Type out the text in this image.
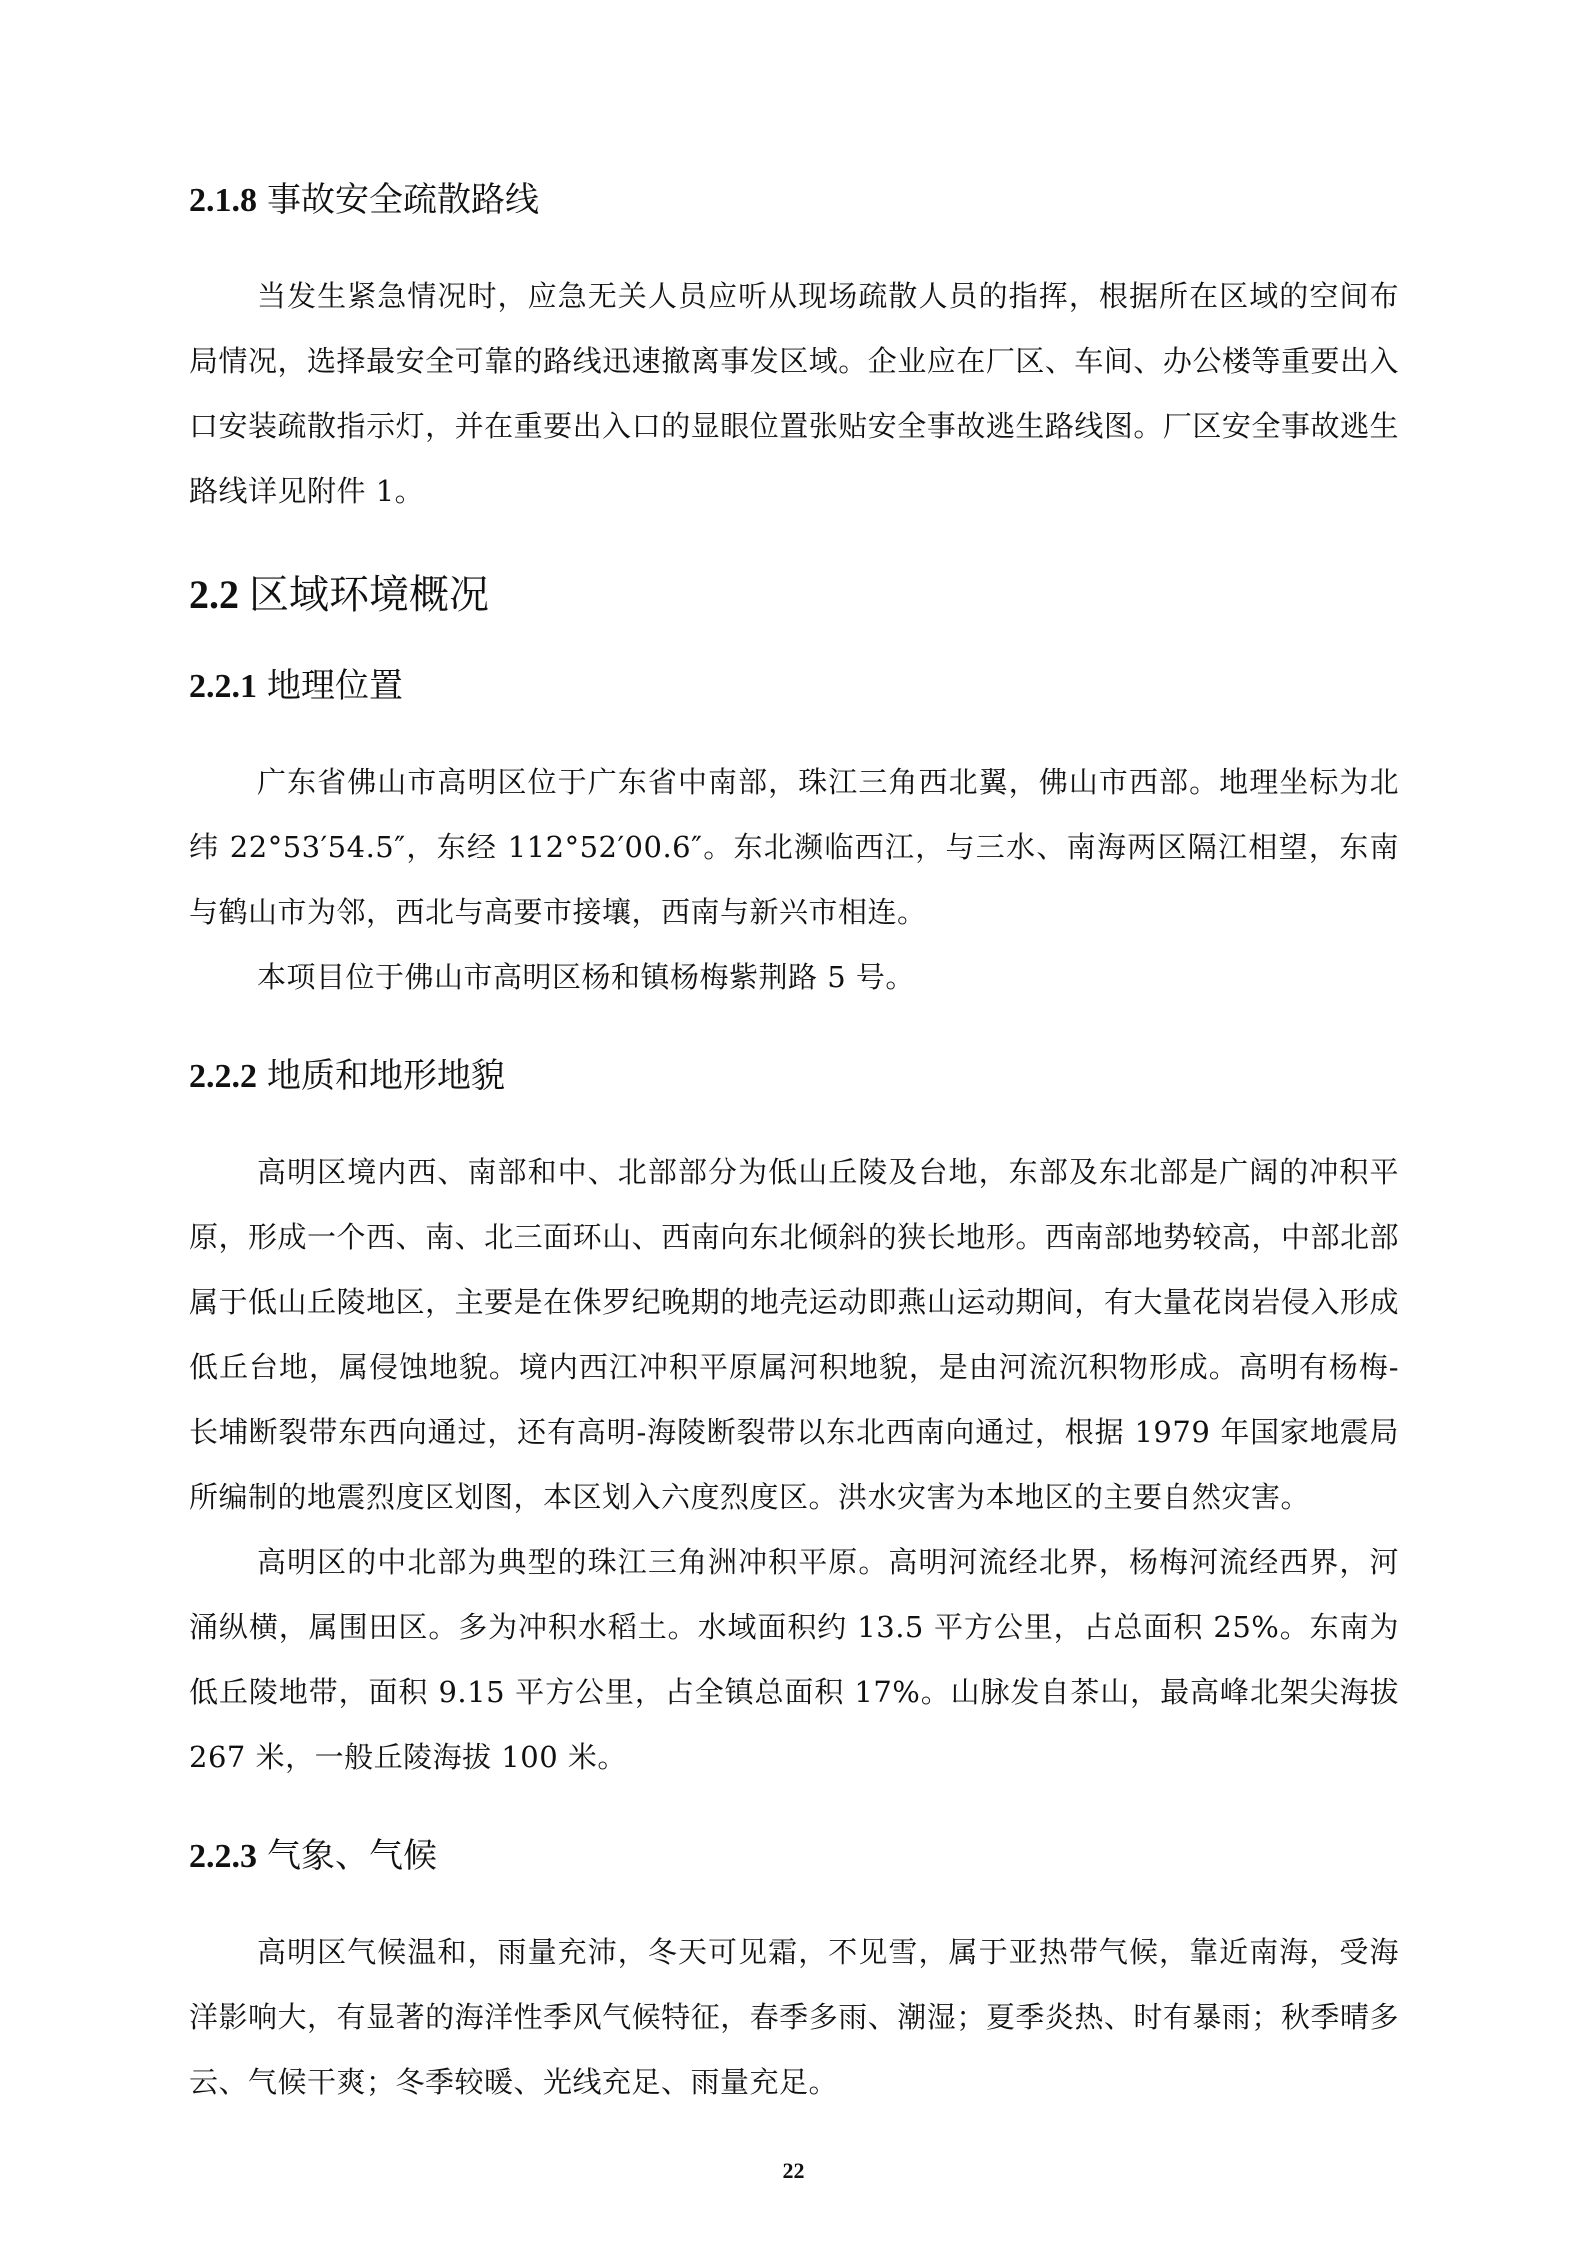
2.1.8 事故安全疏散路线

当发生紧急情况时，应急无关人员应听从现场疏散人员的指挥，根据所在区域的空间布局情况，选择最安全可靠的路线迅速撤离事发区域。企业应在厂区、车间、办公楼等重要出入口安装疏散指示灯，并在重要出入口的显眼位置张贴安全事故逃生路线图。厂区安全事故逃生路线详见附件 1。

2.2 区域环境概况
2.2.1 地理位置

广东省佛山市高明区位于广东省中南部，珠江三角西北翼，佛山市西部。地理坐标为北纬 22°53′54.5″，东经 112°52′00.6″。东北濒临西江，与三水、南海两区隔江相望，东南与鹤山市为邻，西北与高要市接壤，西南与新兴市相连。

本项目位于佛山市高明区杨和镇杨梅紫荆路 5 号。

2.2.2 地质和地形地貌

高明区境内西、南部和中、北部部分为低山丘陵及台地，东部及东北部是广阔的冲积平原，形成一个西、南、北三面环山、西南向东北倾斜的狭长地形。西南部地势较高，中部北部属于低山丘陵地区，主要是在侏罗纪晚期的地壳运动即燕山运动期间，有大量花岗岩侵入形成低丘台地，属侵蚀地貌。境内西江冲积平原属河积地貌，是由河流沉积物形成。高明有杨梅-长埔断裂带东西向通过，还有高明-海陵断裂带以东北西南向通过，根据 1979 年国家地震局所编制的地震烈度区划图，本区划入六度烈度区。洪水灾害为本地区的主要自然灾害。

高明区的中北部为典型的珠江三角洲冲积平原。高明河流经北界，杨梅河流经西界，河涌纵横，属围田区。多为冲积水稻土。水域面积约 13.5 平方公里，占总面积 25%。东南为低丘陵地带，面积 9.15 平方公里，占全镇总面积 17%。山脉发自茶山，最高峰北架尖海拔 267 米，一般丘陵海拔 100 米。

2.2.3 气象、气候

高明区气候温和，雨量充沛，冬天可见霜，不见雪，属于亚热带气候，靠近南海，受海洋影响大，有显著的海洋性季风气候特征，春季多雨、潮湿；夏季炎热、时有暴雨；秋季晴多云、气候干爽；冬季较暖、光线充足、雨量充足。

22
